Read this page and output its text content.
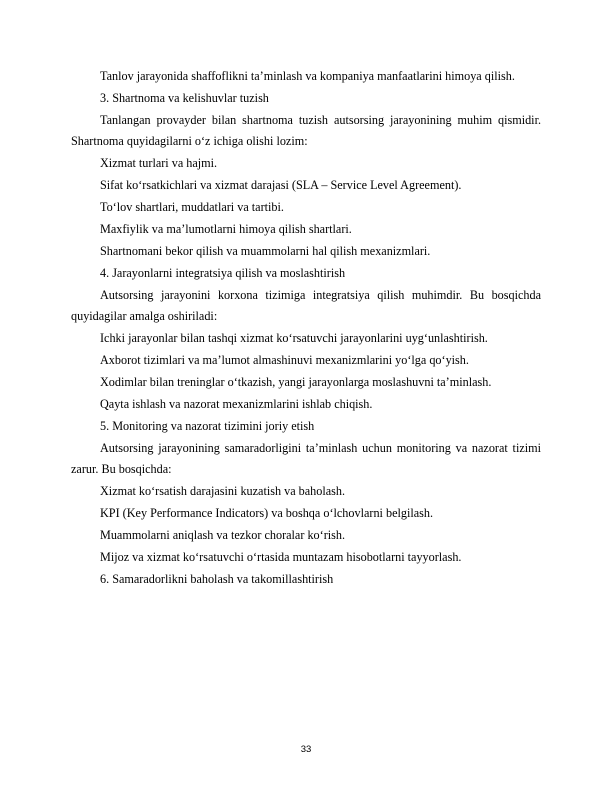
Tanlov jarayonida shaffoflikni ta’minlash va kompaniya manfaatlarini himoya qilish.

3. Shartnoma va kelishuvlar tuzish

Tanlangan provayder bilan shartnoma tuzish autsorsing jarayonining muhim qismidir. Shartnoma quyidagilarni o‘z ichiga olishi lozim:

Xizmat turlari va hajmi.

Sifat ko‘rsatkichlari va xizmat darajasi (SLA – Service Level Agreement).

To‘lov shartlari, muddatlari va tartibi.

Maxfiylik va ma’lumotlarni himoya qilish shartlari.

Shartnomani bekor qilish va muammolarni hal qilish mexanizmlari.

4. Jarayonlarni integratsiya qilish va moslashtirish

Autsorsing jarayonini korxona tizimiga integratsiya qilish muhimdir. Bu bosqichda quyidagilar amalga oshiriladi:

Ichki jarayonlar bilan tashqi xizmat ko‘rsatuvchi jarayonlarini uyg‘unlashtirish.

Axborot tizimlari va ma’lumot almashinuvi mexanizmlarini yo‘lga qo‘yish.

Xodimlar bilan treninglar o‘tkazish, yangi jarayonlarga moslashuvni ta’minlash.

Qayta ishlash va nazorat mexanizmlarini ishlab chiqish.

5. Monitoring va nazorat tizimini joriy etish

Autsorsing jarayonining samaradorligini ta’minlash uchun monitoring va nazorat tizimi zarur. Bu bosqichda:

Xizmat ko‘rsatish darajasini kuzatish va baholash.

KPI (Key Performance Indicators) va boshqa o‘lchovlarni belgilash.

Muammolarni aniqlash va tezkor choralar ko‘rish.

Mijoz va xizmat ko‘rsatuvchi o‘rtasida muntazam hisobotlarni tayyorlash.

6. Samaradorlikni baholash va takomillashtirish

33
